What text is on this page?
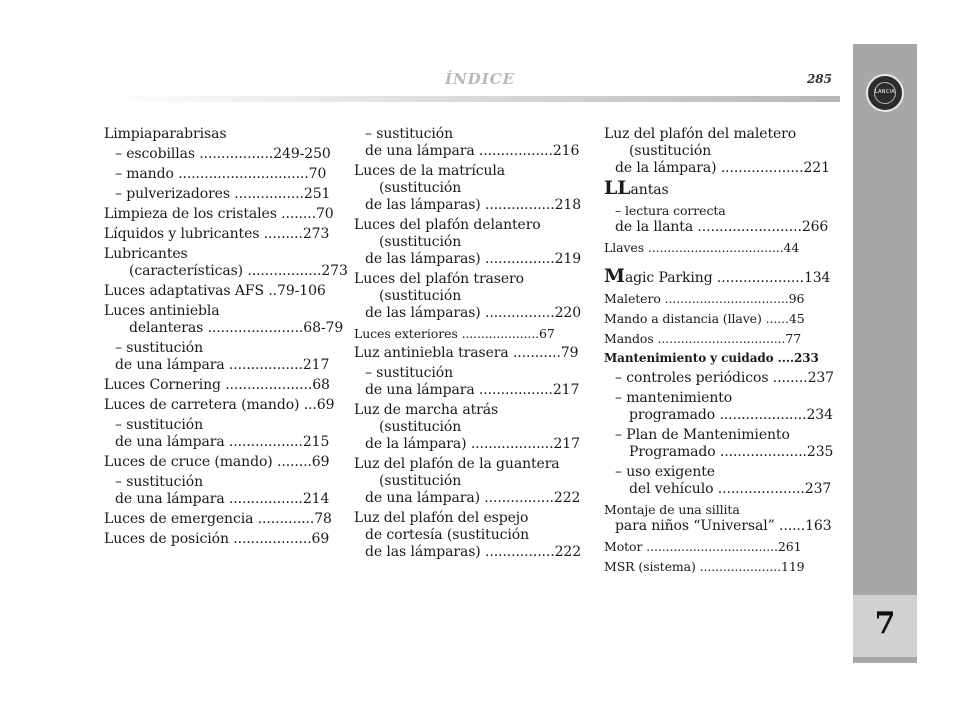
LANCIA
7
ÍNDICE	285
Limpiaparabrisas
– escobillas .................249-250
– mando ..............................70
– pulverizadores ................251
Limpieza de los cristales ........70
Líquidos y lubricantes .........273
Lubricantes
(características) .................273
Luces adaptativas AFS ..79-106
Luces antiniebla
delanteras ......................68-79
– sustitución
de una lámpara .................217
Luces Cornering ....................68
Luces de carretera (mando) ...69
– sustitución
de una lámpara .................215
Luces de cruce (mando) ........69
– sustitución
de una lámpara .................214
Luces de emergencia .............78
Luces de posición ..................69
– sustitución
de una lámpara .................216
Luces de la matrícula
(sustitución
de las lámparas) ................218
Luces del plafón delantero
(sustitución
de las lámparas) ................219
Luces del plafón trasero
(sustitución
de las lámparas) ................220
Luces exteriores ....................67
Luz antiniebla trasera ...........79
– sustitución
de una lámpara .................217
Luz de marcha atrás
(sustitución
de la lámpara) ...................217
Luz del plafón de la guantera
(sustitución
de una lámpara) ................222
Luz del plafón del espejo
de cortesía (sustitución
de las lámparas) ................222
Luz del plafón del maletero
(sustitución
de la lámpara) ...................221
LLantas
– lectura correcta
de la llanta ........................266
Llaves ...................................44
Magic Parking ....................134
Maletero ................................96
Mando a distancia (llave) ......45
Mandos .................................77
Mantenimiento y cuidado ....233
– controles periódicos ........237
– mantenimiento
programado ....................234
– Plan de Mantenimiento
Programado ....................235
– uso exigente
del vehículo ....................237
Montaje de una sillita
para niños “Universal” ......163
Motor ..................................261
MSR (sistema) .....................119
